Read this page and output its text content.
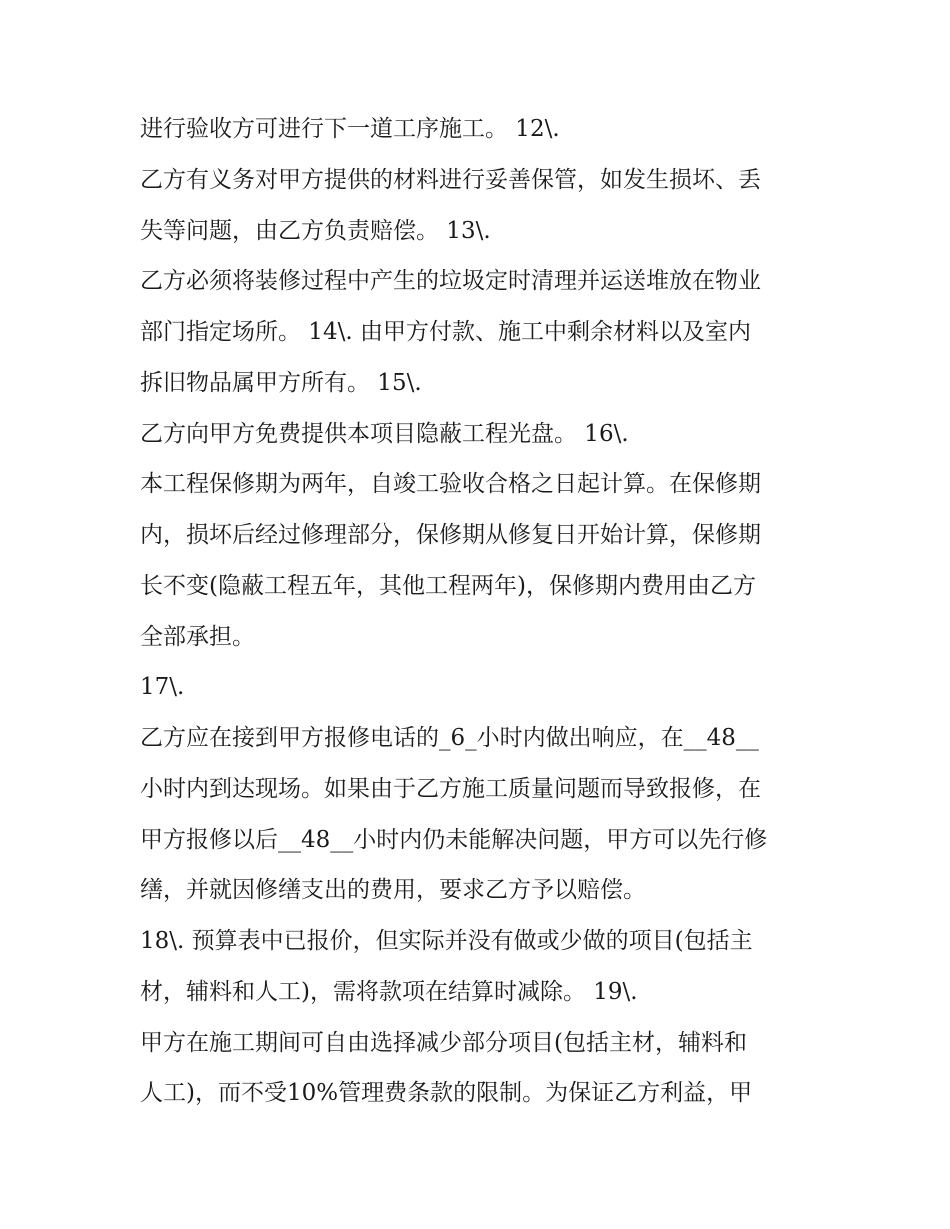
进行验收方可进行下一道工序施工。 12\.
乙方有义务对甲方提供的材料进行妥善保管，如发生损坏、丢
失等问题，由乙方负责赔偿。 13\.
乙方必须将装修过程中产生的垃圾定时清理并运送堆放在物业
部门指定场所。 14\. 由甲方付款、施工中剩余材料以及室内
拆旧物品属甲方所有。 15\.
乙方向甲方免费提供本项目隐蔽工程光盘。 16\.
本工程保修期为两年，自竣工验收合格之日起计算。在保修期
内，损坏后经过修理部分，保修期从修复日开始计算，保修期
长不变(隐蔽工程五年，其他工程两年)，保修期内费用由乙方
全部承担。
17\.
乙方应在接到甲方报修电话的_6_小时内做出响应，在__48__
小时内到达现场。如果由于乙方施工质量问题而导致报修，在
甲方报修以后__48__小时内仍未能解决问题，甲方可以先行修
缮，并就因修缮支出的费用，要求乙方予以赔偿。
18\. 预算表中已报价，但实际并没有做或少做的项目(包括主
材，辅料和人工)，需将款项在结算时减除。 19\.
甲方在施工期间可自由选择减少部分项目(包括主材，辅料和
人工)，而不受10%管理费条款的限制。为保证乙方利益，甲
